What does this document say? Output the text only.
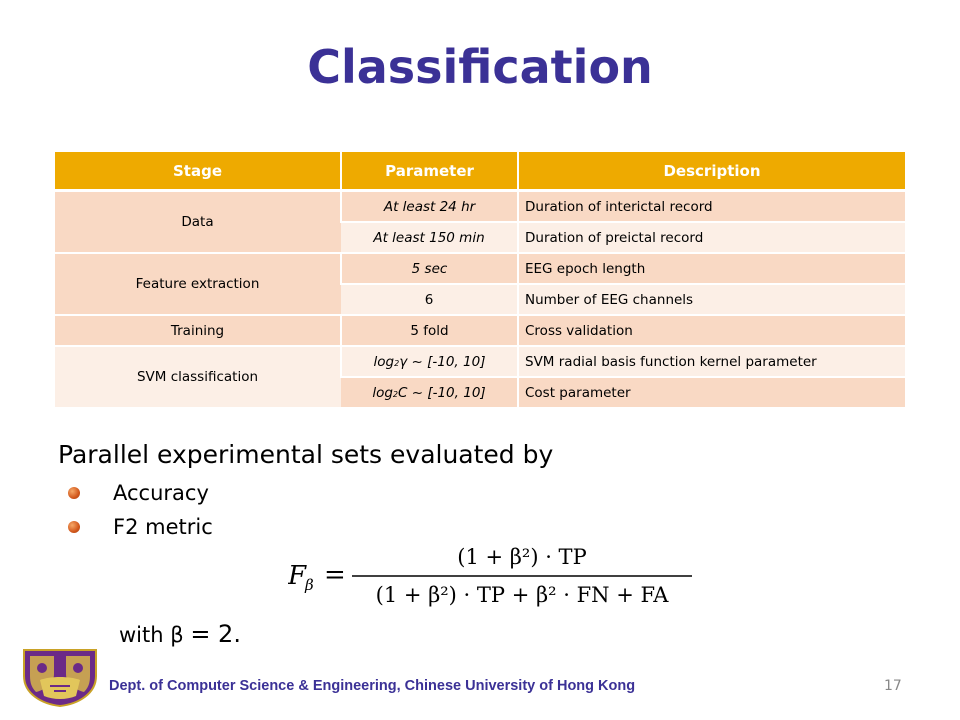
Classification
Stage	Parameter	Description
Data	At least 24 hr	Duration of interictal record
	At least 150 min	Duration of preictal record
Feature extraction	5 sec	EEG epoch length
	6	Number of EEG channels
Training	5 fold	Cross validation
SVM classification	log2γ ~ [-10, 10]	SVM radial basis function kernel parameter
	log2C ~ [-10, 10]	Cost parameter
Parallel experimental sets evaluated by
Accuracy
F2 metric
F
β =
(1 + β²) · TP
(1 + β²) · TP + β² · FN + FA
with β = 2.
Dept. of Computer Science & Engineering, Chinese University of Hong Kong	17
